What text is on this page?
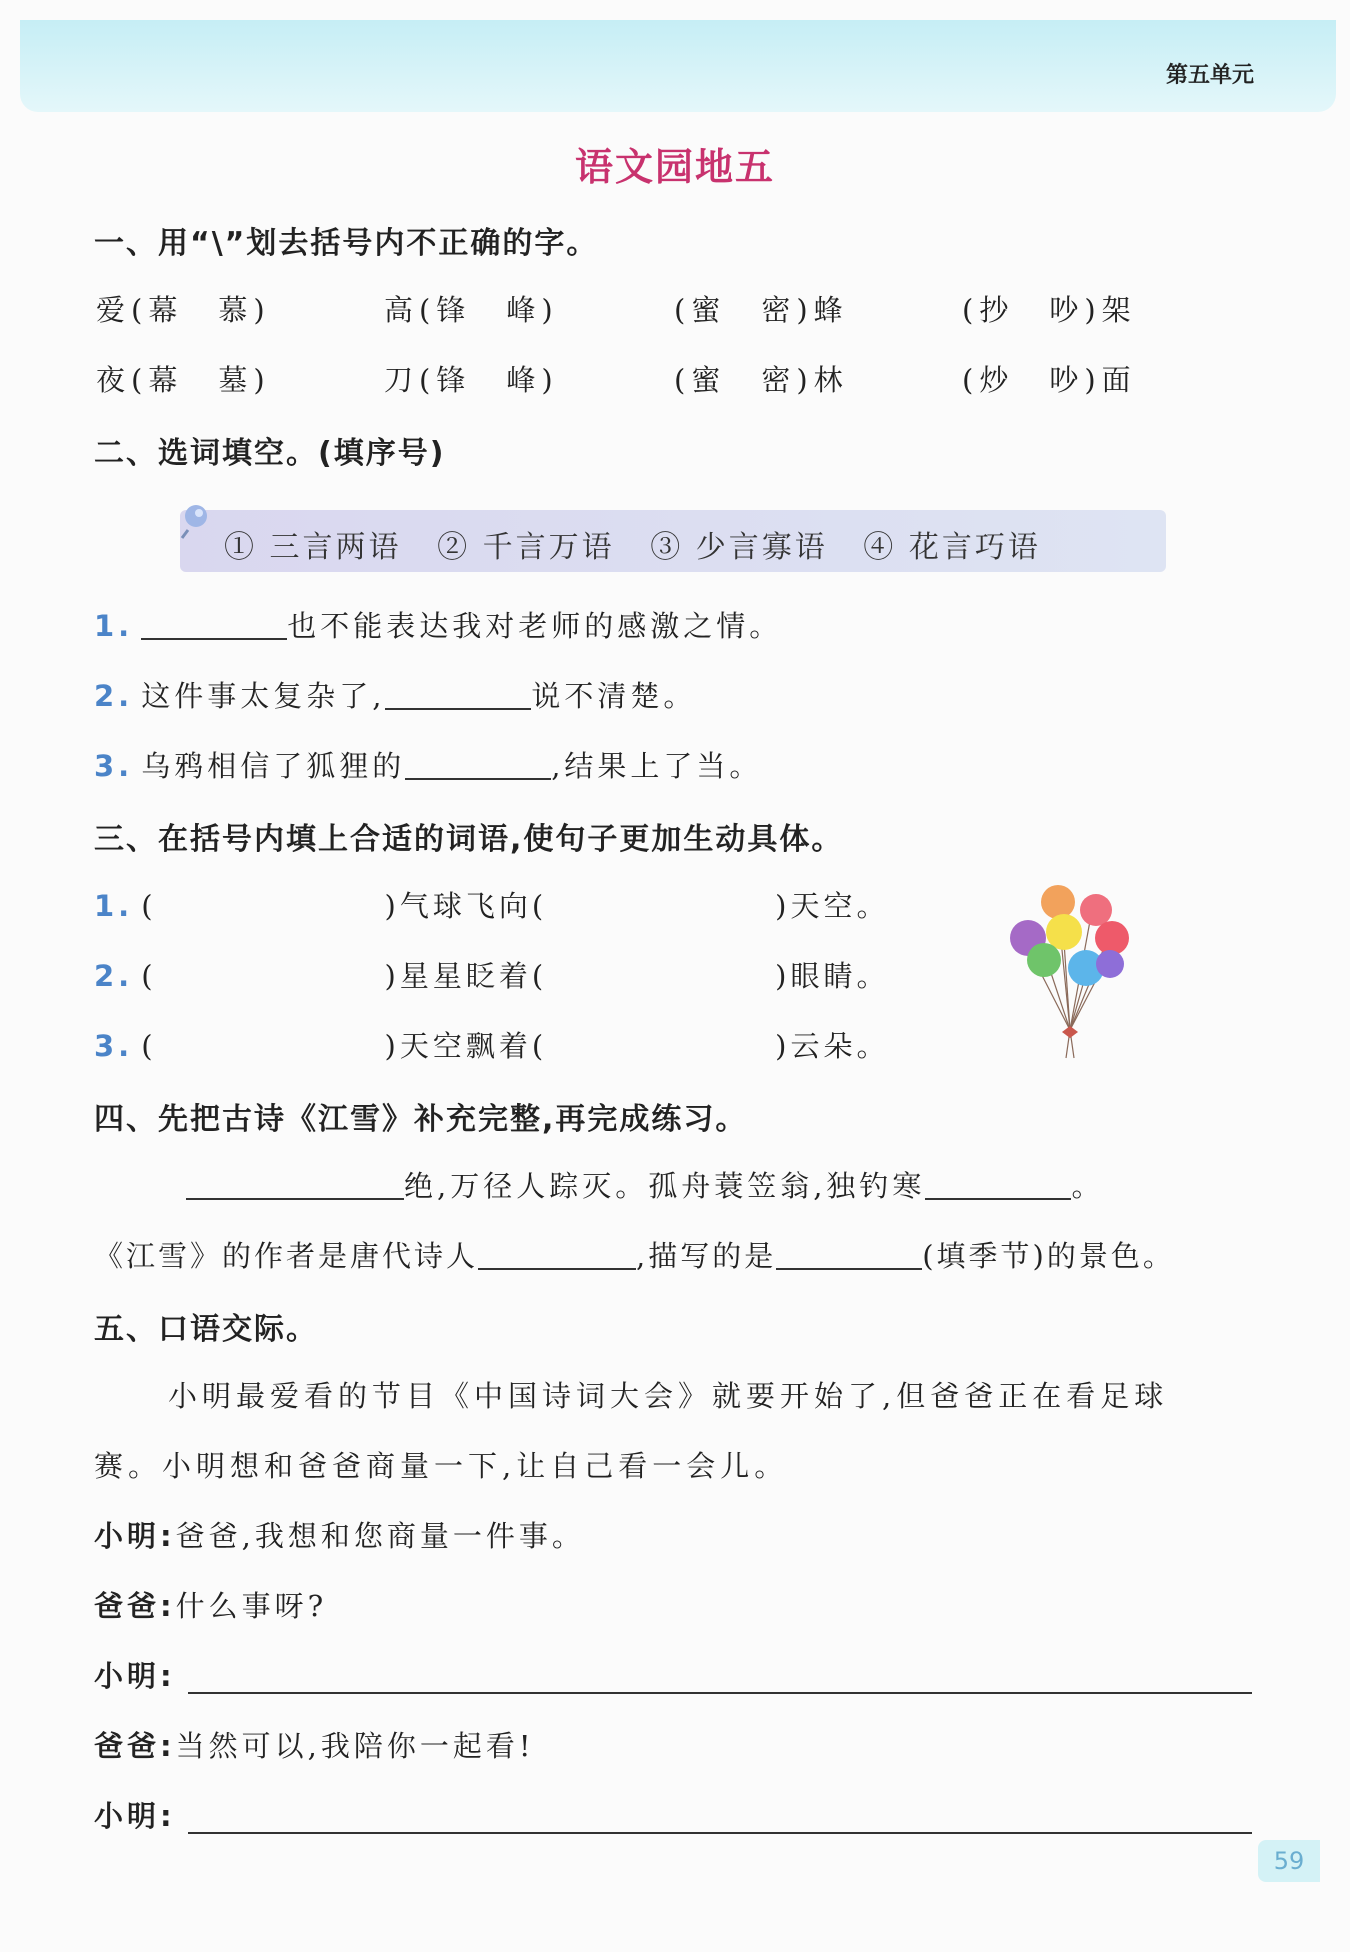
第五单元
语文园地五
一、用“\”划去括号内不正确的字。
爱(幕　慕)	高(锋　峰)	(蜜　密)蜂	(抄　吵)架
夜(幕　墓)	刀(锋　峰)	(蜜　密)林	(炒　吵)面
二、选词填空。(填序号)
① 三言两语 ② 千言万语 ③ 少言寡语 ④ 花言巧语
1.	也不能表达我对老师的感激之情。
2. 这件事太复杂了,	说不清楚。
3. 乌鸦相信了狐狸的	,结果上了当。
三、在括号内填上合适的词语,使句子更加生动具体。
1. (	)气球飞向(	)天空。
2. (	)星星眨着(	)眼睛。
3. (	)天空飘着(	)云朵。
四、先把古诗《江雪》补充完整,再完成练习。
绝,万径人踪灭。孤舟蓑笠翁,独钓寒	。
《江雪》的作者是唐代诗人	,描写的是	(填季节)的景色。
五、口语交际。
小明最爱看的节目《中国诗词大会》就要开始了,但爸爸正在看足球
赛。小明想和爸爸商量一下,让自己看一会儿。
小明:爸爸,我想和您商量一件事。
爸爸:什么事呀?
小明:
爸爸:当然可以,我陪你一起看!
小明:
59
